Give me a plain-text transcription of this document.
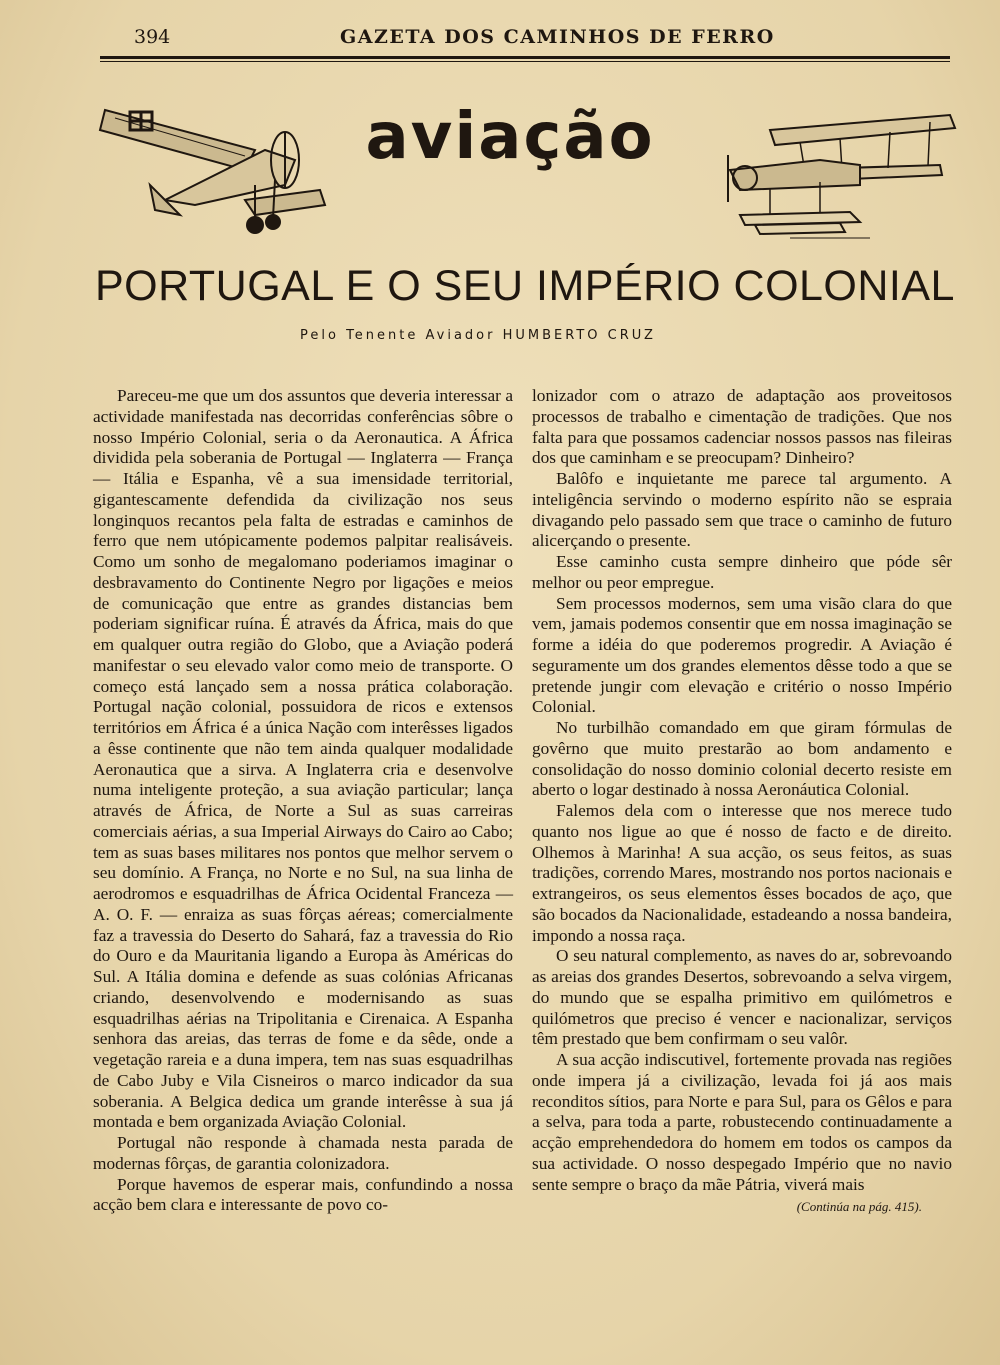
394	GAZETA DOS CAMINHOS DE FERRO
aviação
PORTUGAL E O SEU IMPÉRIO COLONIAL
Pelo Tenente Aviador HUMBERTO CRUZ

Pareceu-me que um dos assuntos que deveria interessar a actividade manifestada nas decorridas conferências sôbre o nosso Império Colonial, seria o da Aeronautica. A África dividida pela soberania de Portugal — Inglaterra — França — Itália e Espanha, vê a sua imensidade territorial, gigantescamente defendida da civilização nos seus longinquos recantos pela falta de estradas e caminhos de ferro que nem utópicamente podemos palpitar realisáveis. Como um sonho de megalomano poderiamos imaginar o desbravamento do Continente Negro por ligações e meios de comunicação que entre as grandes distancias bem poderiam significar ruína. É através da África, mais do que em qualquer outra região do Globo, que a Aviação poderá manifestar o seu elevado valor como meio de transporte. O começo está lançado sem a nossa prática colaboração. Portugal nação colonial, possuidora de ricos e extensos territórios em África é a única Nação com interêsses ligados a êsse continente que não tem ainda qualquer modalidade Aeronautica que a sirva. A Inglaterra cria e desenvolve numa inteligente proteção, a sua aviação particular; lança através de África, de Norte a Sul as suas carreiras comerciais aérias, a sua Imperial Airways do Cairo ao Cabo; tem as suas bases militares nos pontos que melhor servem o seu domínio. A França, no Norte e no Sul, na sua linha de aerodromos e esquadrilhas de África Ocidental Franceza — A. O. F. — enraiza as suas fôrças aéreas; comercialmente faz a travessia do Deserto do Sahará, faz a travessia do Rio do Ouro e da Mauritania ligando a Europa às Américas do Sul. A Itália domina e defende as suas colónias Africanas criando, desenvolvendo e modernisando as suas esquadrilhas aérias na Tripolitania e Cirenaica. A Espanha senhora das areias, das terras de fome e da sêde, onde a vegetação rareia e a duna impera, tem nas suas esquadrilhas de Cabo Juby e Vila Cisneiros o marco indicador da sua soberania. A Belgica dedica um grande interêsse à sua já montada e bem organizada Aviação Colonial.

Portugal não responde à chamada nesta parada de modernas fôrças, de garantia colonizadora.

Porque havemos de esperar mais, confundindo a nossa acção bem clara e interessante de povo co-

lonizador com o atrazo de adaptação aos proveitosos processos de trabalho e cimentação de tradições. Que nos falta para que possamos cadenciar nossos passos nas fileiras dos que caminham e se preocupam? Dinheiro?

Balôfo e inquietante me parece tal argumento. A inteligência servindo o moderno espírito não se espraia divagando pelo passado sem que trace o caminho de futuro alicerçando o presente.

Esse caminho custa sempre dinheiro que póde sêr melhor ou peor empregue.

Sem processos modernos, sem uma visão clara do que vem, jamais podemos consentir que em nossa imaginação se forme a idéia do que poderemos progredir. A Aviação é seguramente um dos grandes elementos dêsse todo a que se pretende jungir com elevação e critério o nosso Império Colonial.

No turbilhão comandado em que giram fórmulas de govêrno que muito prestarão ao bom andamento e consolidação do nosso dominio colonial decerto resiste em aberto o logar destinado à nossa Aeronáutica Colonial.

Falemos dela com o interesse que nos merece tudo quanto nos ligue ao que é nosso de facto e de direito. Olhemos à Marinha! A sua acção, os seus feitos, as suas tradições, correndo Mares, mostrando nos portos nacionais e extrangeiros, os seus elementos êsses bocados de aço, que são bocados da Nacionalidade, estadeando a nossa bandeira, impondo a nossa raça.

O seu natural complemento, as naves do ar, sobrevoando as areias dos grandes Desertos, sobrevoando a selva virgem, do mundo que se espalha primitivo em quilómetros e quilómetros que preciso é vencer e nacionalizar, serviços têm prestado que bem confirmam o seu valôr.

A sua acção indiscutivel, fortemente provada nas regiões onde impera já a civilização, levada foi já aos mais reconditos sítios, para Norte e para Sul, para os Gêlos e para a selva, para toda a parte, robustecendo continuadamente a acção emprehendedora do homem em todos os campos da sua actividade. O nosso despegado Império que no navio sente sempre o braço da mãe Pátria, viverá mais

(Continúa na pág. 415).
